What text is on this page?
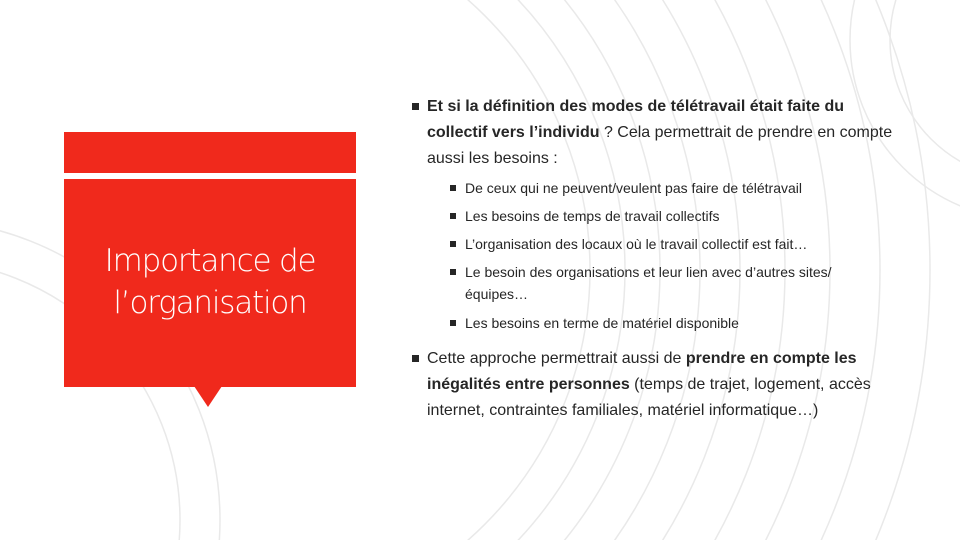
Importance de
l’organisation
Et si la définition des modes de télétravail était faite du collectif vers l’individu ? Cela permettrait de prendre en compte aussi les besoins :
De ceux qui ne peuvent/veulent pas faire de télétravail
Les besoins de temps de travail collectifs
L’organisation des locaux où le travail collectif est fait…
Le besoin des organisations et leur lien avec d’autres sites/équipes…
Les besoins en terme de matériel disponible
Cette approche permettrait aussi de prendre en compte les inégalités entre personnes (temps de trajet, logement, accès internet, contraintes familiales, matériel informatique…)
